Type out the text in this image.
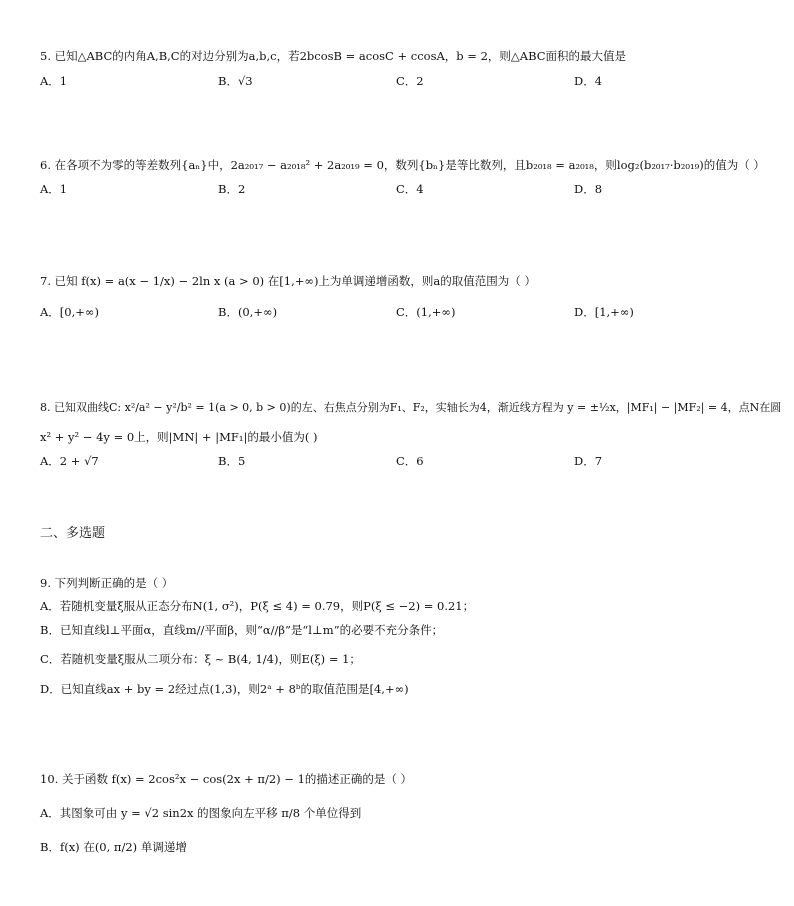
5. 已知△ABC的内角A,B,C的对边分别为a,b,c，若2bcosB = acosC + ccosA，b = 2，则△ABC面积的最大值是
A．1	B．√3	C．2	D．4
6. 在各项不为零的等差数列{aₙ}中，2a₂₀₁₇ − a₂₀₁₈² + 2a₂₀₁₉ = 0，数列{bₙ}是等比数列，且b₂₀₁₈ = a₂₀₁₈，则log₂(b₂₀₁₇·b₂₀₁₉)的值为（ ）
A．1	B．2	C．4	D．8
7. 已知 f(x) = a(x − 1/x) − 2ln x (a > 0) 在[1,+∞)上为单调递增函数，则a的取值范围为（ ）
A．[0,+∞)	B．(0,+∞)	C．(1,+∞)	D．[1,+∞)
8. 已知双曲线C: x²/a² − y²/b² = 1(a > 0, b > 0)的左、右焦点分别为F₁、F₂，实轴长为4，渐近线方程为 y = ±½x，|MF₁| − |MF₂| = 4，点N在圆
x² + y² − 4y = 0上，则|MN| + |MF₁|的最小值为( )
A．2 + √7	B．5	C．6	D．7
二、多选题
9. 下列判断正确的是（ ）
A．若随机变量ξ服从正态分布N(1, σ²)，P(ξ ≤ 4) = 0.79，则P(ξ ≤ −2) = 0.21；
B．已知直线l⊥平面α，直线m//平面β，则“α//β”是“l⊥m”的必要不充分条件；
C．若随机变量ξ服从二项分布：ξ ~ B(4, 1/4)，则E(ξ) = 1；
D．已知直线ax + by = 2经过点(1,3)，则2ᵃ + 8ᵇ的取值范围是[4,+∞)
10. 关于函数 f(x) = 2cos²x − cos(2x + π/2) − 1的描述正确的是（ ）
A．其图象可由 y = √2 sin2x 的图象向左平移 π/8 个单位得到
B．f(x) 在(0, π/2) 单调递增
